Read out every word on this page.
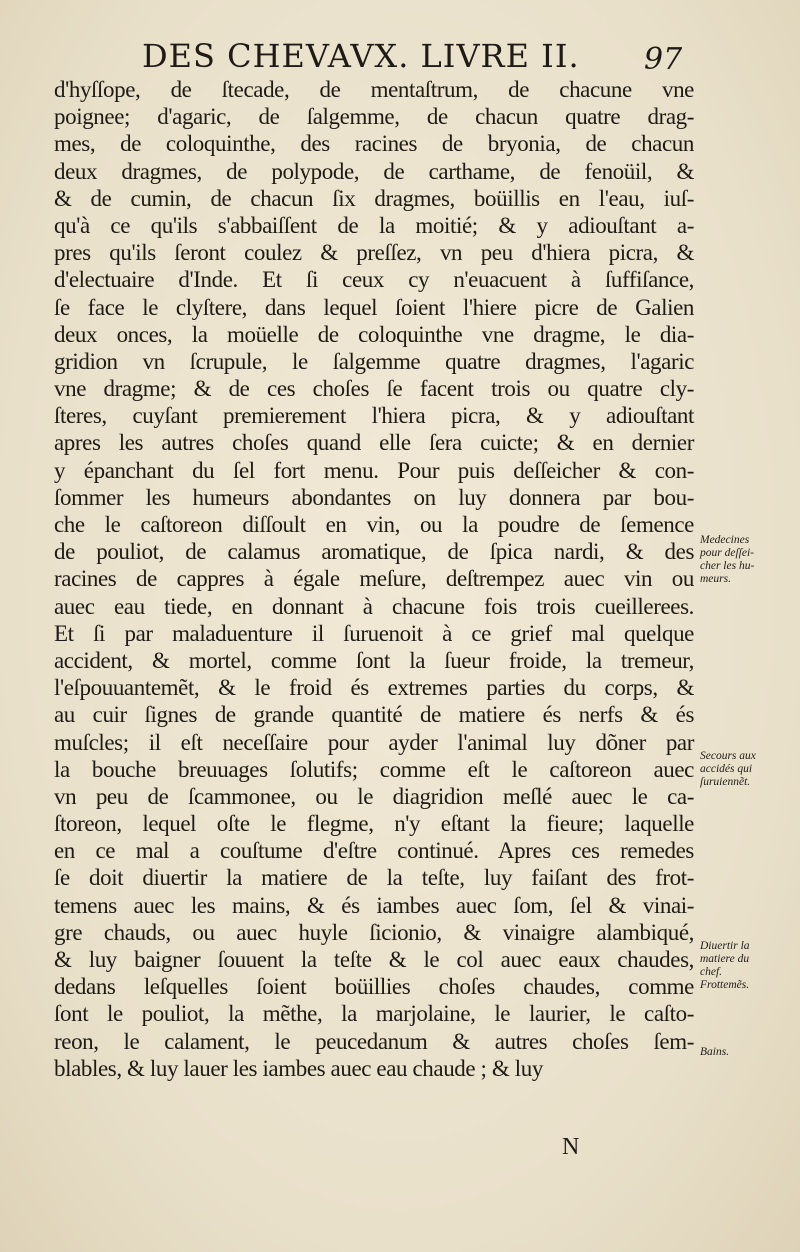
DES CHEVAVX. LIVRE II. 97
d'hyſſope, de ſtecade, de mentaſtrum, de chacune vne
poignee; d'agaric, de ſalgemme, de chacun quatre drag-
mes, de coloquinthe, des racines de bryonia, de chacun
deux dragmes, de polypode, de carthame, de fenoüil, &
& de cumin, de chacun ſix dragmes, boüillis en l'eau, iuſ-
qu'à ce qu'ils s'abbaiſſent de la moitié; & y adiouſtant a-
pres qu'ils ſeront coulez & preſſez, vn peu d'hiera picra, &
d'electuaire d'Inde. Et ſi ceux cy n'euacuent à ſuffiſance,
ſe face le clyſtere, dans lequel ſoient l'hiere picre de Galien
deux onces, la moüelle de coloquinthe vne dragme, le dia-
gridion vn ſcrupule, le ſalgemme quatre dragmes, l'agaric
vne dragme; & de ces choſes ſe facent trois ou quatre cly-
ſteres, cuyſant premierement l'hiera picra, & y adiouſtant
apres les autres choſes quand elle ſera cuicte; & en dernier
y épanchant du ſel fort menu. Pour puis deſſeicher & con-
ſommer les humeurs abondantes on luy donnera par bou-
che le caſtoreon diſſoult en vin, ou la poudre de ſemence
de pouliot, de calamus aromatique, de ſpica nardi, & des
racines de cappres à égale meſure, deſtrempez auec vin ou
auec eau tiede, en donnant à chacune fois trois cueillerees.
Et ſi par maladuenture il ſuruenoit à ce grief mal quelque
accident, & mortel, comme ſont la ſueur froide, la tremeur,
l'eſpouuantemẽt, & le froid és extremes parties du corps, &
au cuir ſignes de grande quantité de matiere és nerfs & és
muſcles; il eſt neceſſaire pour ayder l'animal luy dõner par
la bouche breuuages ſolutifs; comme eſt le caſtoreon auec
vn peu de ſcammonee, ou le diagridion meſlé auec le ca-
ſtoreon, lequel oſte le flegme, n'y eſtant la fieure; laquelle
en ce mal a couſtume d'eſtre continué. Apres ces remedes
ſe doit diuertir la matiere de la teſte, luy faiſant des frot-
temens auec les mains, & és iambes auec ſom, ſel & vinai-
gre chauds, ou auec huyle ſicionio, & vinaigre alambiqué,
& luy baigner ſouuent la teſte & le col auec eaux chaudes,
dedans leſquelles ſoient boüillies choſes chaudes, comme
ſont le pouliot, la mẽthe, la marjolaine, le laurier, le caſto-
reon, le calament, le peucedanum & autres choſes ſem-
blables, & luy lauer les iambes auec eau chaude ; & luy
Medecines
pour deſſei-
cher les hu-
meurs.
Secours aux
accidés qui
ſuruiennẽt.
Diuertir la
matiere du
chef.
Frottemẽs.
Bains.
N
